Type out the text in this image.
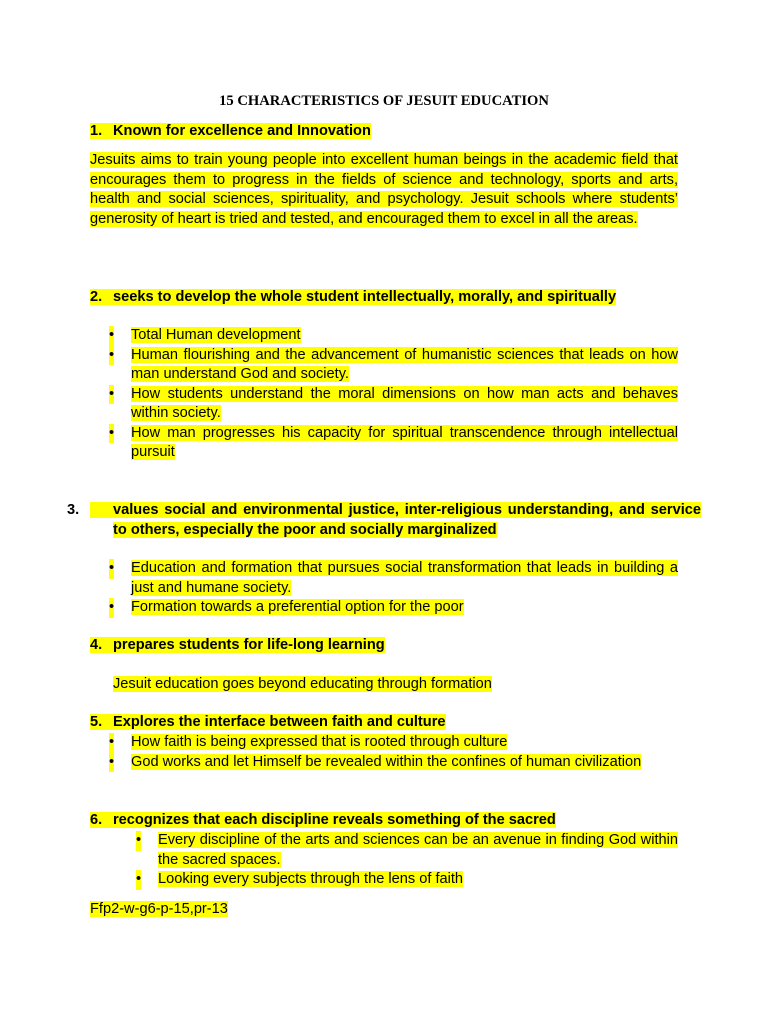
15 CHARACTERISTICS OF JESUIT EDUCATION
1. Known for excellence and Innovation
Jesuits aims to train young people into excellent human beings in the academic field that encourages them to progress in the fields of science and technology, sports and arts, health and social sciences, spirituality, and psychology. Jesuit schools where students’ generosity of heart is tried and tested, and encouraged them to excel in all the areas.
2. seeks to develop the whole student intellectually, morally, and spiritually
• Total Human development
• Human flourishing and the advancement of humanistic sciences that leads on how man understand God and society.
• How students understand the moral dimensions on how man acts and behaves within society.
• How man progresses his capacity for spiritual transcendence through intellectual pursuit
3. values social and environmental justice, inter-religious understanding, and service to others, especially the poor and socially marginalized
• Education and formation that pursues social transformation that leads in building a just and humane society.
• Formation towards a preferential option for the poor
4. prepares students for life-long learning
Jesuit education goes beyond educating through formation
5. Explores the interface between faith and culture
• How faith is being expressed that is rooted through culture
• God works and let Himself be revealed within the confines of human civilization
6. recognizes that each discipline reveals something of the sacred
• Every discipline of the arts and sciences can be an avenue in finding God within the sacred spaces.
• Looking every subjects through the lens of faith
Ffp2-w-g6-p-15,pr-13
